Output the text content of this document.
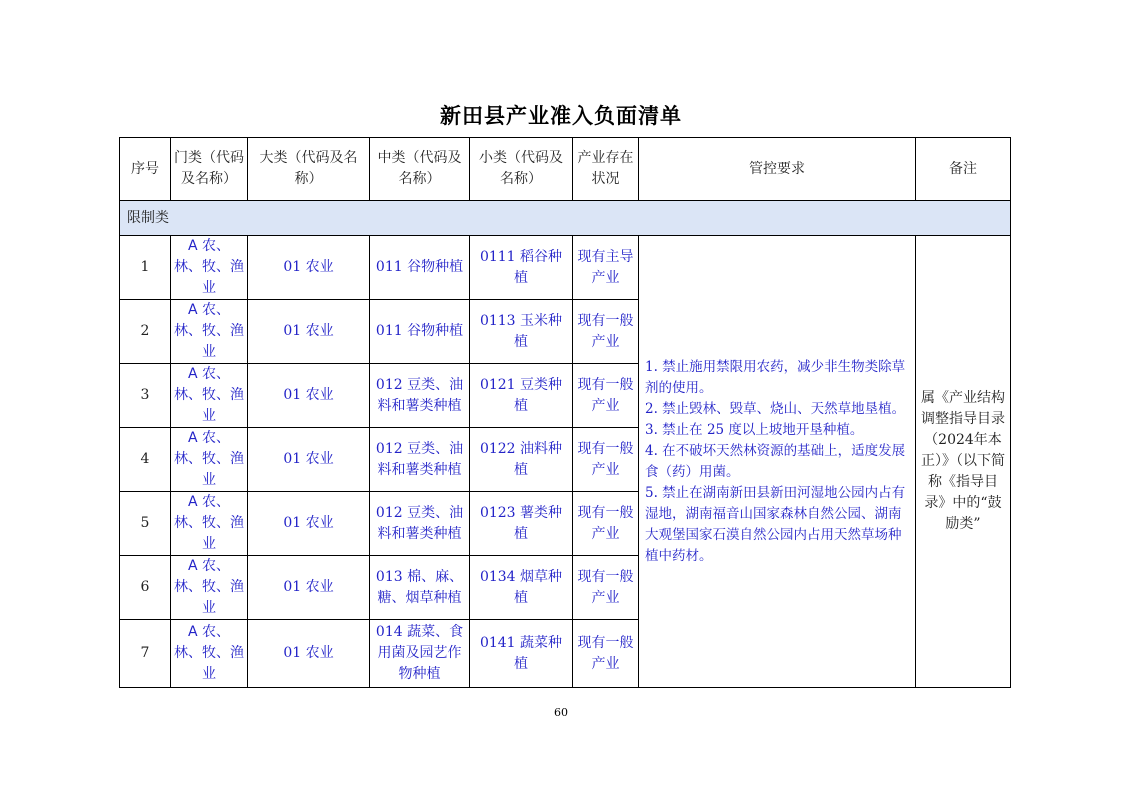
新田县产业准入负面清单
序号	门类（代码及名称）	大类（代码及名称）	中类（代码及名称）	小类（代码及名称）	产业存在状况	管控要求	备注
限制类							
1	A 农、林、牧、渔业	01 农业	011 谷物种植	0111 稻谷种植	现有主导产业	1. 禁止施用禁限用农药，减少非生物类除草剂的使用。
2. 禁止毁林、毁草、烧山、天然草地垦植。
3. 禁止在 25 度以上坡地开垦种植。
4. 在不破坏天然林资源的基础上，适度发展食（药）用菌。
5. 禁止在湖南新田县新田河湿地公园内占有湿地，湖南福音山国家森林自然公园、湖南大观堡国家石漠自然公园内占用天然草场种植中药材。	属《产业结构调整指导目录（2024年本正）》（以下简称《指导目录》中的“鼓励类”
2	A 农、林、牧、渔业	01 农业	011 谷物种植	0113 玉米种植	现有一般产业		
3	A 农、林、牧、渔业	01 农业	012 豆类、油料和薯类种植	0121 豆类种植	现有一般产业		
4	A 农、林、牧、渔业	01 农业	012 豆类、油料和薯类种植	0122 油料种植	现有一般产业		
5	A 农、林、牧、渔业	01 农业	012 豆类、油料和薯类种植	0123 薯类种植	现有一般产业		
6	A 农、林、牧、渔业	01 农业	013 棉、麻、糖、烟草种植	0134 烟草种植	现有一般产业		
7	A 农、林、牧、渔业	01 农业	014 蔬菜、食用菌及园艺作物种植	0141 蔬菜种植	现有一般产业		
60
